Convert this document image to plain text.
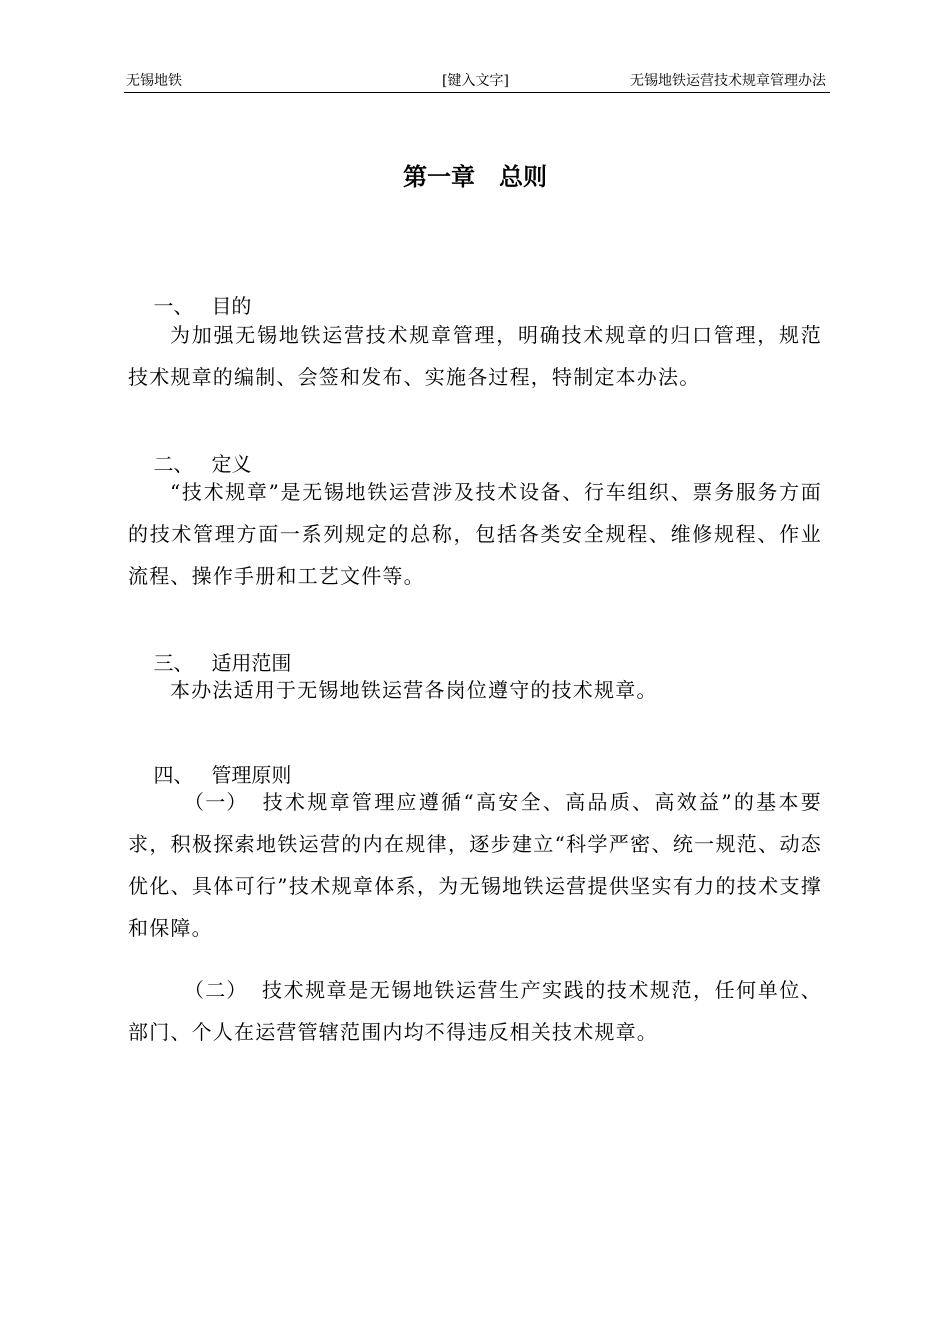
无锡地铁	[键入文字]	无锡地铁运营技术规章管理办法
第一章　总则

一、 目的

为加强无锡地铁运营技术规章管理，明确技术规章的归口管理，规范技术规章的编制、会签和发布、实施各过程，特制定本办法。

二、 定义

“技术规章”是无锡地铁运营涉及技术设备、行车组织、票务服务方面的技术管理方面一系列规定的总称，包括各类安全规程、维修规程、作业流程、操作手册和工艺文件等。

三、 适用范围

本办法适用于无锡地铁运营各岗位遵守的技术规章。

四、 管理原则

（一） 技术规章管理应遵循“高安全、高品质、高效益”的基本要求，积极探索地铁运营的内在规律，逐步建立“科学严密、统一规范、动态优化、具体可行”技术规章体系，为无锡地铁运营提供坚实有力的技术支撑和保障。

（二） 技术规章是无锡地铁运营生产实践的技术规范，任何单位、部门、个人在运营管辖范围内均不得违反相关技术规章。
